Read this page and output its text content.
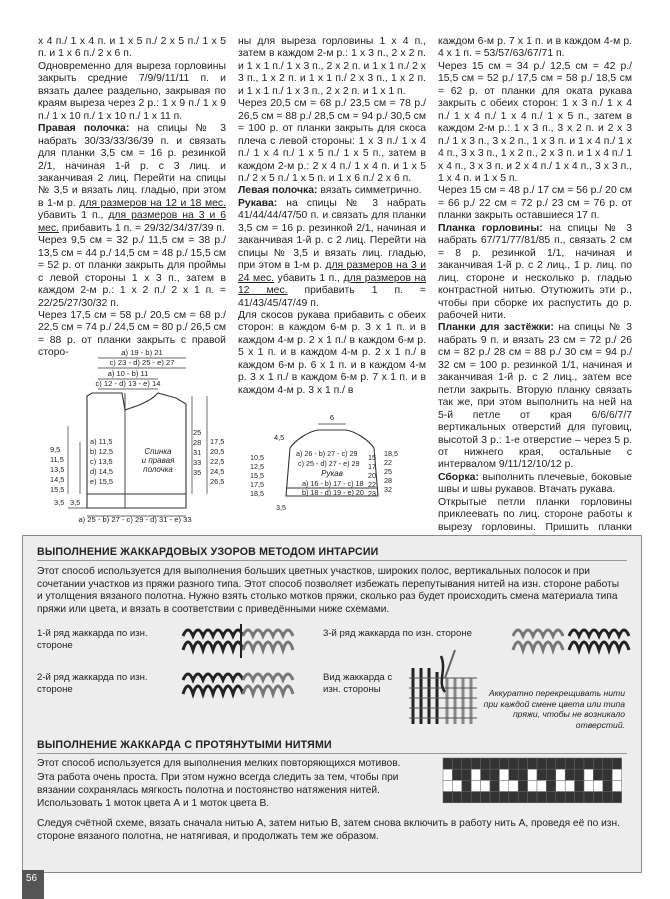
х 4 п./ 1 х 4 п. и 1 х 5 п./ 2 х 5 п./ 1 х 5 п. и 1 х 6 п./ 2 х 6 п.

Одновременно для выреза горловины закрыть средние 7/9/9/11/11 п. и вязать далее раздельно, закрывая по краям выреза через 2 р.: 1 х 9 п./ 1 х 9 п./ 1 х 10 п./ 1 х 10 п./ 1 х 11 п.

Правая полочка: на спицы № 3 набрать 30/33/33/36/39 п. и связать для планки 3,5 см = 16 р. резинкой 2/1, начиная 1-й р. с 3 лиц. и заканчивая 2 лиц. Перейти на спицы № 3,5 и вязать лиц. гладью, при этом в 1-м р. для размеров на 12 и 18 мес. убавить 1 п., для размеров на 3 и 6 мес. прибавить 1 п. = 29/32/34/37/39 п.

Через 9,5 см = 32 р./ 11,5 см = 38 р./ 13,5 см = 44 р./ 14,5 см = 48 р./ 15,5 см = 52 р. от планки закрыть для проймы с левой стороны 1 х 3 п., затем в каждом 2-м р.: 1 х 2 п./ 2 х 1 п. = 22/25/27/30/32 п.

Через 17,5 см = 58 р./ 20,5 см = 68 р./ 22,5 см = 74 р./ 24,5 см = 80 р./ 26,5 см = 88 р. от планки закрыть с правой сторо-

ны для выреза горловины 1 х 4 п., затем в каждом 2-м р.: 1 х 3 п., 2 х 2 п. и 1 х 1 п./ 1 х 3 п., 2 х 2 п. и 1 х 1 п./ 2 х 3 п., 1 х 2 п. и 1 х 1 п./ 2 х 3 п., 1 х 2 п. и 1 х 1 п./ 1 х 3 п., 2 х 2 п. и 1 х 1 п.

Через 20,5 см = 68 р./ 23,5 см = 78 р./ 26,5 см = 88 р./ 28,5 см = 94 р./ 30,5 см = 100 р. от планки закрыть для скоса плеча с левой стороны: 1 х 3 п./ 1 х 4 п./ 1 х 4 п./ 1 х 5 п./ 1 х 5 п., затем в каждом 2-м р.: 2 х 4 п./ 1 х 4 п. и 1 х 5 п./ 2 х 5 п./ 1 х 5 п. и 1 х 6 п./ 2 х 6 п.

Левая полочка: вязать симметрично.

Рукава: на спицы № 3 набрать 41/44/44/47/50 п. и связать для планки 3,5 см = 16 р. резинкой 2/1, начиная и заканчивая 1-й р. с 2 лиц. Перейти на спицы № 3,5 и вязать лиц. гладью, при этом в 1-м р. для размеров на 3 и 24 мес. убавить 1 п., для размеров на 12 мес. прибавить 1 п. = 41/43/45/47/49 п.

Для скосов рукава прибавить с обеих сторон: в каждом 6-м р. 3 х 1 п. и в каждом 4-м р. 2 х 1 п./ в каждом 6-м р. 5 х 1 п. и в каждом 4-м р. 2 х 1 п./ в каждом 6-м р. 6 х 1 п. и в каждом 4-м р. 3 х 1 п./ в каждом 6-м р. 7 х 1 п. и в каждом 4-м р. 3 х 1 п./ в

каждом 6-м р. 7 х 1 п. и в каждом 4-м р. 4 х 1 п. = 53/57/63/67/71 п.

Через 15 см = 34 р./ 12,5 см = 42 р./ 15,5 см = 52 р./ 17,5 см = 58 р./ 18,5 см = 62 р. от планки для оката рукава закрыть с обеих сторон: 1 х 3 п./ 1 х 4 п./ 1 х 4 п./ 1 х 4 п./ 1 х 5 п., затем в каждом 2-м р.: 1 х 3 п., 3 х 2 п. и 2 х 3 п./ 1 х 3 п., 3 х 2 п., 1 х 3 п. и 1 х 4 п./ 1 х 4 п., 3 х 3 п., 1 х 2 п., 2 х 3 п. и 1 х 4 п./ 1 х 4 п., 3 х 3 п. и 2 х 4 п./ 1 х 4 п., 3 х 3 п., 1 х 4 п. и 1 х 5 п.

Через 15 см = 48 р./ 17 см = 56 р./ 20 см = 66 р./ 22 см = 72 р./ 23 см = 76 р. от планки закрыть оставшиеся 17 п.

Планка горловины: на спицы № 3 набрать 67/71/77/81/85 п., связать 2 см = 8 р. резинкой 1/1, начиная и заканчивая 1-й р. с 2 лиц., 1 р. лиц. по лиц. стороне и несколько р. гладью контрастной нитью. Отутюжить эти р., чтобы при сборке их распустить до р. рабочей нити.

Планки для застёжки: на спицы № 3 набрать 9 п. и вязать 23 см = 72 р./ 26 см = 82 р./ 28 см = 88 р./ 30 см = 94 р./ 32 см = 100 р. резинкой 1/1, начиная и заканчивая 1-й р. с 2 лиц., затем все петли закрыть. Вторую планку связать так же, при этом выполнить на ней на 5-й петле от края 6/6/6/7/7 вертикальных отверстий для пуговиц, высотой 3 р.: 1-е отверстие – через 5 р. от нижнего края, остальные с интервалом 9/11/12/10/12 р.

Сборка: выполнить плечевые, боковые швы и швы рукавов. Втачать рукава.

Открытые петли планки горловины приклеевать по лиц. стороне работы к вырезу горловины. Пришить планки

a) 19 - b) 21
c) 23 - d) 25 - e) 27
a) 10 - b) 11
c) 12 - d) 13 - e) 14
a) 11,5
b) 12,5
c) 13,5
d) 14,5
e) 15,5
9,5
11,5
13,5
14,5
15,5
25
28
31
33
35
17,5
20,5
22,5
24,5
26,5
3,5 3,5
Спинка и правая полочка
a) 25 - b) 27 - c) 29 - d) 31 - e) 33
6
4,5
a) 26 - b) 27 - c) 29
c) 25 - d) 27 - e) 29
a) 16 - b) 17 - c) 18
b) 18 - d) 19 - e) 20
10,5
12,5
15,5
17,5
18,5
18,5
22
25
28
32
15
17
20
22
23
3,5
Рукав
ВЫПОЛНЕНИЕ ЖАККАРДОВЫХ УЗОРОВ МЕТОДОМ ИНТАРСИИ
Этот способ используется для выполнения больших цветных участков, широких полос, вертикальных полосок и при сочетании участков из пряжи разного типа. Этот способ позволяет избежать перепутывания нитей на изн. стороне работы и утолщения вязаного полотна. Нужно взять столько мотков пряжи, сколько раз будет происходить смена материала типа пряжи или цвета, и вязать в соответствии с приведёнными ниже схемами.
1-й ряд жаккарда по изн. стороне
3-й ряд жаккарда по изн. стороне
2-й ряд жаккарда по изн. стороне
Вид жаккарда с изн. стороны	Аккуратно перекрещивать нити при каждой смене цвета или типа пряжи, чтобы не возникало отверстий.
ВЫПОЛНЕНИЕ ЖАККАРДА С ПРОТЯНУТЫМИ НИТЯМИ
Этот способ используется для выполнения мелких повторяющихся мотивов.
Эта работа очень проста. При этом нужно всегда следить за тем, чтобы при вязании сохранялась мягкость полотна и постоянство натяжения нитей.
Использовать 1 моток цвета А и 1 моток цвета В.
Следуя счётной схеме, вязать сначала нитью А, затем нитью В, затем снова включить в работу нить А, проведя её по изн. стороне вязаного полотна, не натягивая, и продолжать тем же образом.
56
